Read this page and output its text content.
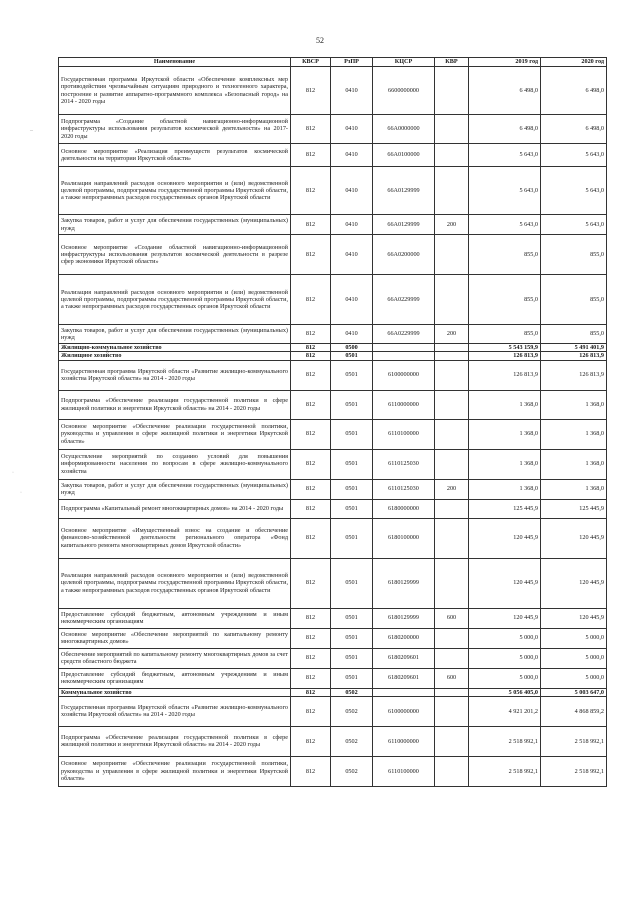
52
Наименование	КВСР	РзПР	КЦСР	КВР	2019 год	2020 год
Государственная программа Иркутской области «Обеспечение комплексных мер противодействия чрезвычайным ситуациям природного и техногенного характера, построение и развитие аппаратно-программного комплекса «Безопасный город» на 2014 - 2020 годы	812	0410	6600000000		6 498,0	6 498,0
Подпрограмма «Создание областной навигационно-информационной инфраструктуры использования результатов космической деятельности» на 2017-2020 годы	812	0410	66А0000000		6 498,0	6 498,0
Основное мероприятие «Реализация преимуществ результатов космической деятельности на территории Иркутской области»	812	0410	66А0100000		5 643,0	5 643,0
Реализация направлений расходов основного мероприятия и (или) ведомственной целевой программы, подпрограммы государственной программы Иркутской области, а также непрограммных расходов государственных органов Иркутской области	812	0410	66А0129999		5 643,0	5 643,0
Закупка товаров, работ и услуг для обеспечения государственных (муниципальных) нужд	812	0410	66А0129999	200	5 643,0	5 643,0
Основное мероприятие «Создание областной навигационно-информационной инфраструктуры использования результатов космической деятельности в разрезе сфер экономики Иркутской области»	812	0410	66А0200000		855,0	855,0
Реализация направлений расходов основного мероприятия и (или) ведомственной целевой программы, подпрограммы государственной программы Иркутской области, а также непрограммных расходов государственных органов Иркутской области	812	0410	66А0229999		855,0	855,0
Закупка товаров, работ и услуг для обеспечения государственных (муниципальных) нужд	812	0410	66А0229999	200	855,0	855,0
Жилищно-коммунальное хозяйство	812	0500			5 543 159,9	5 491 401,9
Жилищное хозяйство	812	0501			126 813,9	126 813,9
Государственная программа Иркутской области «Развитие жилищно-коммунального хозяйства Иркутской области» на 2014 - 2020 годы	812	0501	6100000000		126 813,9	126 813,9
Подпрограмма «Обеспечение реализации государственной политики в сфере жилищной политики и энергетики Иркутской области» на 2014 - 2020 годы	812	0501	6110000000		1 368,0	1 368,0
Основное мероприятие «Обеспечение реализации государственной политики, руководства и управления в сфере жилищной политики и энергетики Иркутской области»	812	0501	6110100000		1 368,0	1 368,0
Осуществление мероприятий по созданию условий для повышения информированности населения по вопросам в сфере жилищно-коммунального хозяйства	812	0501	6110125030		1 368,0	1 368,0
Закупка товаров, работ и услуг для обеспечения государственных (муниципальных) нужд	812	0501	6110125030	200	1 368,0	1 368,0
Подпрограмма «Капитальный ремонт многоквартирных домов» на 2014 - 2020 годы	812	0501	6180000000		125 445,9	125 445,9
Основное мероприятие «Имущественный взнос на создание и обеспечение финансово-хозяйственной деятельности регионального оператора «Фонд капитального ремонта многоквартирных домов Иркутской области»	812	0501	6180100000		120 445,9	120 445,9
Реализация направлений расходов основного мероприятия и (или) ведомственной целевой программы, подпрограммы государственной программы Иркутской области, а также непрограммных расходов государственных органов Иркутской области	812	0501	6180129999		120 445,9	120 445,9
Предоставление субсидий бюджетным, автономным учреждениям и иным некоммерческим организациям	812	0501	6180129999	600	120 445,9	120 445,9
Основное мероприятие «Обеспечение мероприятий по капитальному ремонту многоквартирных домов»	812	0501	6180200000		5 000,0	5 000,0
Обеспечение мероприятий по капитальному ремонту многоквартирных домов за счет средств областного бюджета	812	0501	6180209601		5 000,0	5 000,0
Предоставление субсидий бюджетным, автономным учреждениям и иным некоммерческим организациям	812	0501	6180209601	600	5 000,0	5 000,0
Коммунальное хозяйство	812	0502			5 056 405,0	5 003 647,0
Государственная программа Иркутской области «Развитие жилищно-коммунального хозяйства Иркутской области» на 2014 - 2020 годы	812	0502	6100000000		4 921 201,2	4 868 859,2
Подпрограмма «Обеспечение реализации государственной политики в сфере жилищной политики и энергетики Иркутской области» на 2014 - 2020 годы	812	0502	6110000000		2 518 992,1	2 518 992,1
Основное мероприятие «Обеспечение реализации государственной политики, руководства и управления в сфере жилищной политики и энергетики Иркутской области»	812	0502	6110100000		2 518 992,1	2 518 992,1
–
·
·
